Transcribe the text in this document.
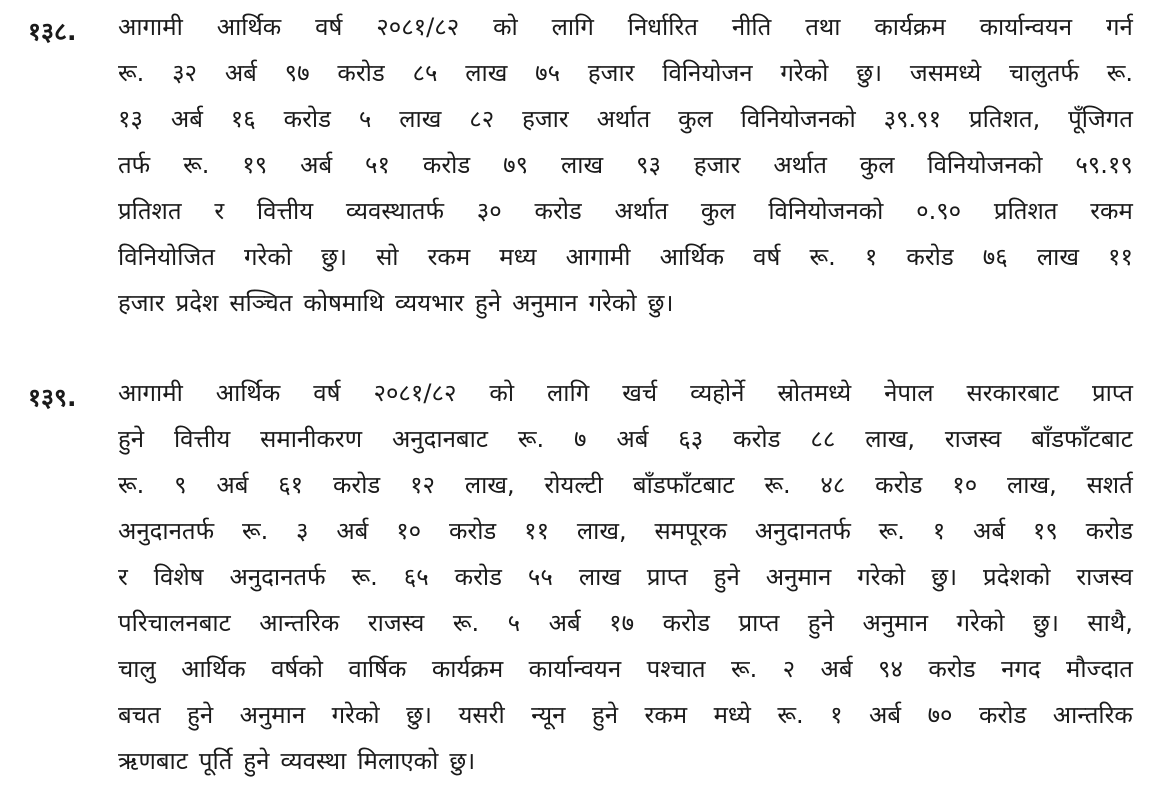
१३८. आगामी आर्थिक वर्ष २०८१/८२ को लागि निर्धारित नीति तथा कार्यक्रम कार्यान्वयन गर्न
रू. ३२ अर्ब ९७ करोड ८५ लाख ७५ हजार विनियोजन गरेको छु। जसमध्ये चालुतर्फ रू.
१३ अर्ब १६ करोड ५ लाख ८२ हजार अर्थात कुल विनियोजनको ३९.९१ प्रतिशत, पूँजिगत
तर्फ रू. १९ अर्ब ५१ करोड ७९ लाख ९३ हजार अर्थात कुल विनियोजनको ५९.१९
प्रतिशत र वित्तीय व्यवस्थातर्फ ३० करोड अर्थात कुल विनियोजनको ०.९० प्रतिशत रकम
विनियोजित गरेको छु। सो रकम मध्य आगामी आर्थिक वर्ष रू. १ करोड ७६ लाख ११
हजार प्रदेश सञ्चित कोषमाथि व्ययभार हुने अनुमान गरेको छु।
१३९. आगामी आर्थिक वर्ष २०८१/८२ को लागि खर्च व्यहोर्ने स्रोतमध्ये नेपाल सरकारबाट प्राप्त
हुने वित्तीय समानीकरण अनुदानबाट रू. ७ अर्ब ६३ करोड ८८ लाख, राजस्व बाँडफाँटबाट
रू. ९ अर्ब ६१ करोड १२ लाख, रोयल्टी बाँडफाँटबाट रू. ४८ करोड १० लाख, सशर्त
अनुदानतर्फ रू. ३ अर्ब १० करोड ११ लाख, समपूरक अनुदानतर्फ रू. १ अर्ब १९ करोड
र विशेष अनुदानतर्फ रू. ६५ करोड ५५ लाख प्राप्त हुने अनुमान गरेको छु। प्रदेशको राजस्व
परिचालनबाट आन्तरिक राजस्व रू. ५ अर्ब १७ करोड प्राप्त हुने अनुमान गरेको छु। साथै,
चालु आर्थिक वर्षको वार्षिक कार्यक्रम कार्यान्वयन पश्चात रू. २ अर्ब ९४ करोड नगद मौज्दात
बचत हुने अनुमान गरेको छु। यसरी न्यून हुने रकम मध्ये रू. १ अर्ब ७० करोड आन्तरिक
ऋणबाट पूर्ति हुने व्यवस्था मिलाएको छु।
